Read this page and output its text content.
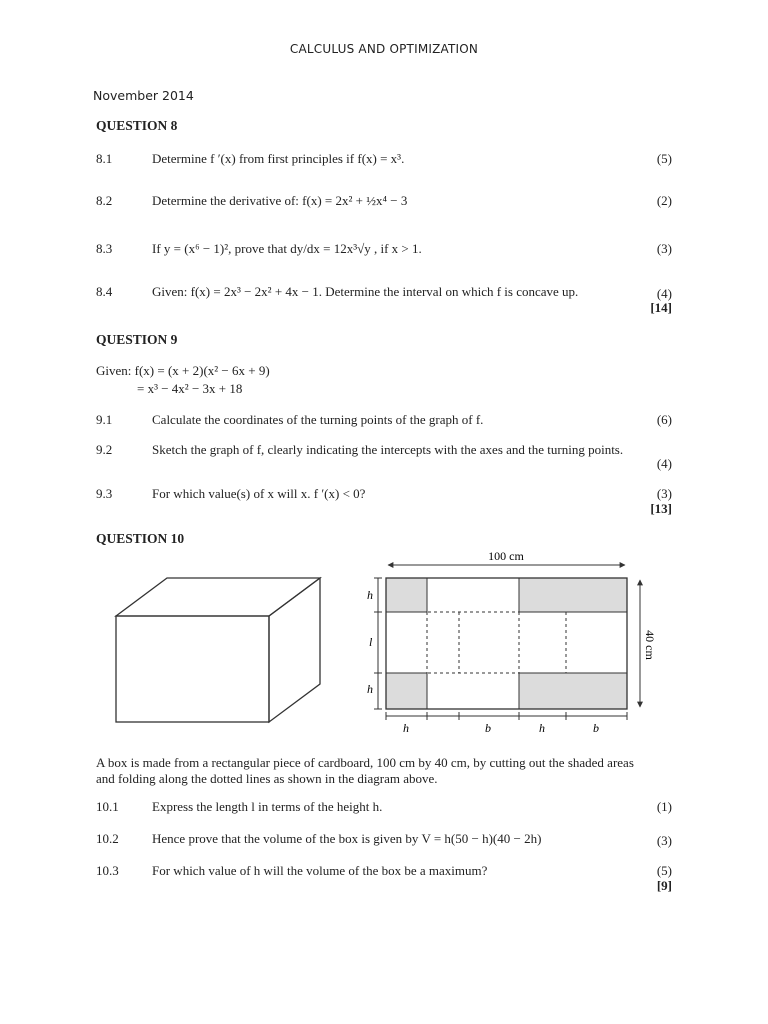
CALCULUS AND OPTIMIZATION
November 2014
QUESTION 8
8.1	Determine f ′(x) from first principles if f(x) = x³.	(5)
8.2	Determine the derivative of: f(x) = 2x² + ½x⁴ − 3	(2)
8.3	If y = (x⁶ − 1)², prove that dy/dx = 12x³√y , if x > 1.	(3)
8.4	Given: f(x) = 2x³ − 2x² + 4x − 1. Determine the interval on which f is concave up.	(4)
[14]
QUESTION 9
Given: f(x) = (x + 2)(x² − 6x + 9)
= x³ − 4x² − 3x + 18
9.1	Calculate the coordinates of the turning points of the graph of f.	(6)
9.2	Sketch the graph of f, clearly indicating the intercepts with the axes and the turning points.
(4)
9.3	For which value(s) of x will x. f ′(x) < 0?	(3)
[13]
QUESTION 10
100 cm
40 cm
h
l
h
h	b	h	b
A box is made from a rectangular piece of cardboard, 100 cm by 40 cm, by cutting out the shaded areas and folding along the dotted lines as shown in the diagram above.
10.1	Express the length l in terms of the height h.	(1)
10.2	Hence prove that the volume of the box is given by V = h(50 − h)(40 − 2h)	(3)
10.3	For which value of h will the volume of the box be a maximum?	(5)
[9]
